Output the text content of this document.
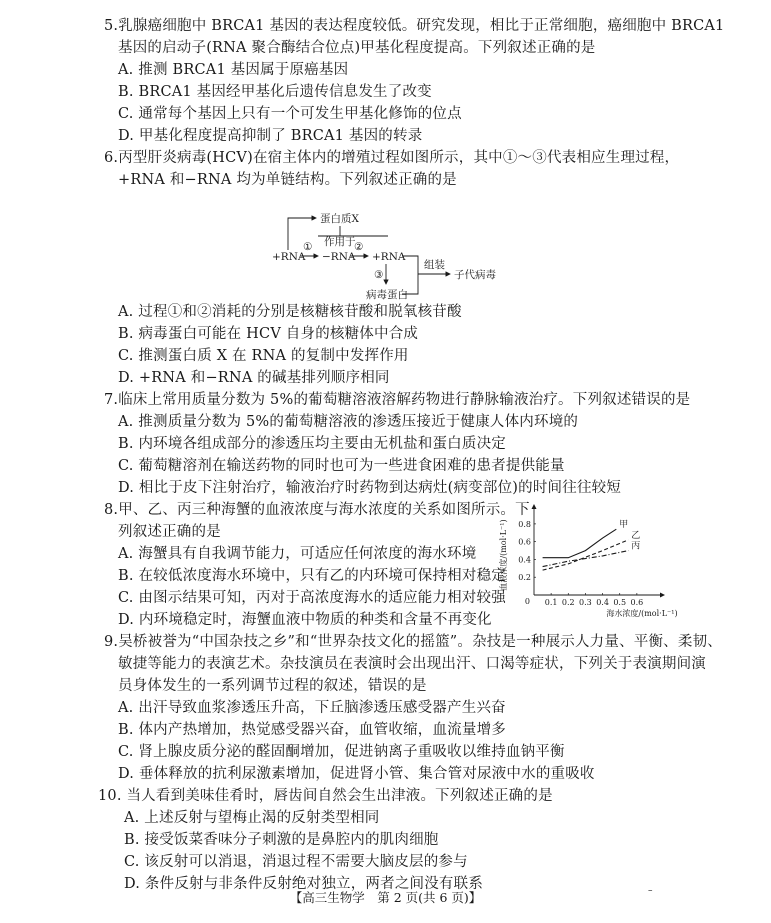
5.乳腺癌细胞中 BRCA1 基因的表达程度较低。研究发现，相比于正常细胞，癌细胞中 BRCA1
基因的启动子(RNA 聚合酶结合位点)甲基化程度提高。下列叙述正确的是
A. 推测 BRCA1 基因属于原癌基因
B. BRCA1 基因经甲基化后遗传信息发生了改变
C. 通常每个基因上只有一个可发生甲基化修饰的位点
D. 甲基化程度提高抑制了 BRCA1 基因的转录
6.丙型肝炎病毒(HCV)在宿主体内的增殖过程如图所示，其中①～③代表相应生理过程，
+RNA 和−RNA 均为单链结构。下列叙述正确的是
蛋白质X
作用于
+RNA
①
−RNA
②
+RNA
③
病毒蛋白
组装
子代病毒
A. 过程①和②消耗的分别是核糖核苷酸和脱氧核苷酸
B. 病毒蛋白可能在 HCV 自身的核糖体中合成
C. 推测蛋白质 X 在 RNA 的复制中发挥作用
D. +RNA 和−RNA 的碱基排列顺序相同
7.临床上常用质量分数为 5%的葡萄糖溶液溶解药物进行静脉输液治疗。下列叙述错误的是
A. 推测质量分数为 5%的葡萄糖溶液的渗透压接近于健康人体内环境的
B. 内环境各组成部分的渗透压均主要由无机盐和蛋白质决定
C. 葡萄糖溶剂在输送药物的同时也可为一些进食困难的患者提供能量
D. 相比于皮下注射治疗，输液治疗时药物到达病灶(病变部位)的时间往往较短
8.甲、乙、丙三种海蟹的血液浓度与海水浓度的关系如图所示。下
列叙述正确的是
A. 海蟹具有自我调节能力，可适应任何浓度的海水环境
B. 在较低浓度海水环境中，只有乙的内环境可保持相对稳定
C. 由图示结果可知，丙对于高浓度海水的适应能力相对较强
D. 内环境稳定时，海蟹血液中物质的种类和含量不再变化
0.1 0.2 0.3 0.4 0.5 0.6
0.2
0.4
0.6
0.8
0
海水浓度/(mol·L⁻¹)
血液浓度/(mol·L⁻¹)	甲
乙
丙
9.吴桥被誉为“中国杂技之乡”和“世界杂技文化的摇篮”。杂技是一种展示人力量、平衡、柔韧、
敏捷等能力的表演艺术。杂技演员在表演时会出现出汗、口渴等症状，下列关于表演期间演
员身体发生的一系列调节过程的叙述，错误的是
A. 出汗导致血浆渗透压升高，下丘脑渗透压感受器产生兴奋
B. 体内产热增加，热觉感受器兴奋，血管收缩，血流量增多
C. 肾上腺皮质分泌的醛固酮增加，促进钠离子重吸收以维持血钠平衡
D. 垂体释放的抗利尿激素增加，促进肾小管、集合管对尿液中水的重吸收
10. 当人看到美味佳肴时，唇齿间自然会生出津液。下列叙述正确的是
A. 上述反射与望梅止渴的反射类型相同
B. 接受饭菜香味分子刺激的是鼻腔内的肌肉细胞
C. 该反射可以消退，消退过程不需要大脑皮层的参与
D. 条件反射与非条件反射绝对独立，两者之间没有联系
【高三生物学　第 2 页(共 6 页)】	–
